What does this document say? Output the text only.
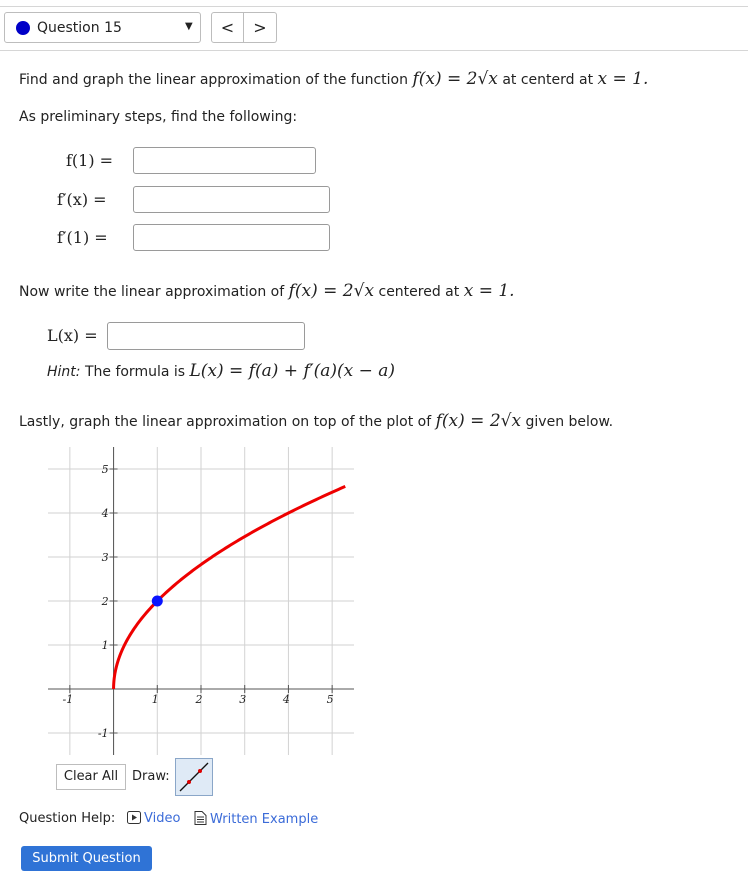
Question 15	▼	<	>
Find and graph the linear approximation of the function f(x) = 2√x at centerd at x = 1.
As preliminary steps, find the following:
f(1) =
f′(x) =
f′(1) =
Now write the linear approximation of f(x) = 2√x centered at x = 1.
L(x) =
Hint: The formula is L(x) = f(a) + f′(a)(x − a)
Lastly, graph the linear approximation on top of the plot of f(x) = 2√x given below.
-1	1	2	3	4	5
-1
1
2
3
4
5
Clear All	Draw:
Question Help:	Video	Written Example
Submit Question
